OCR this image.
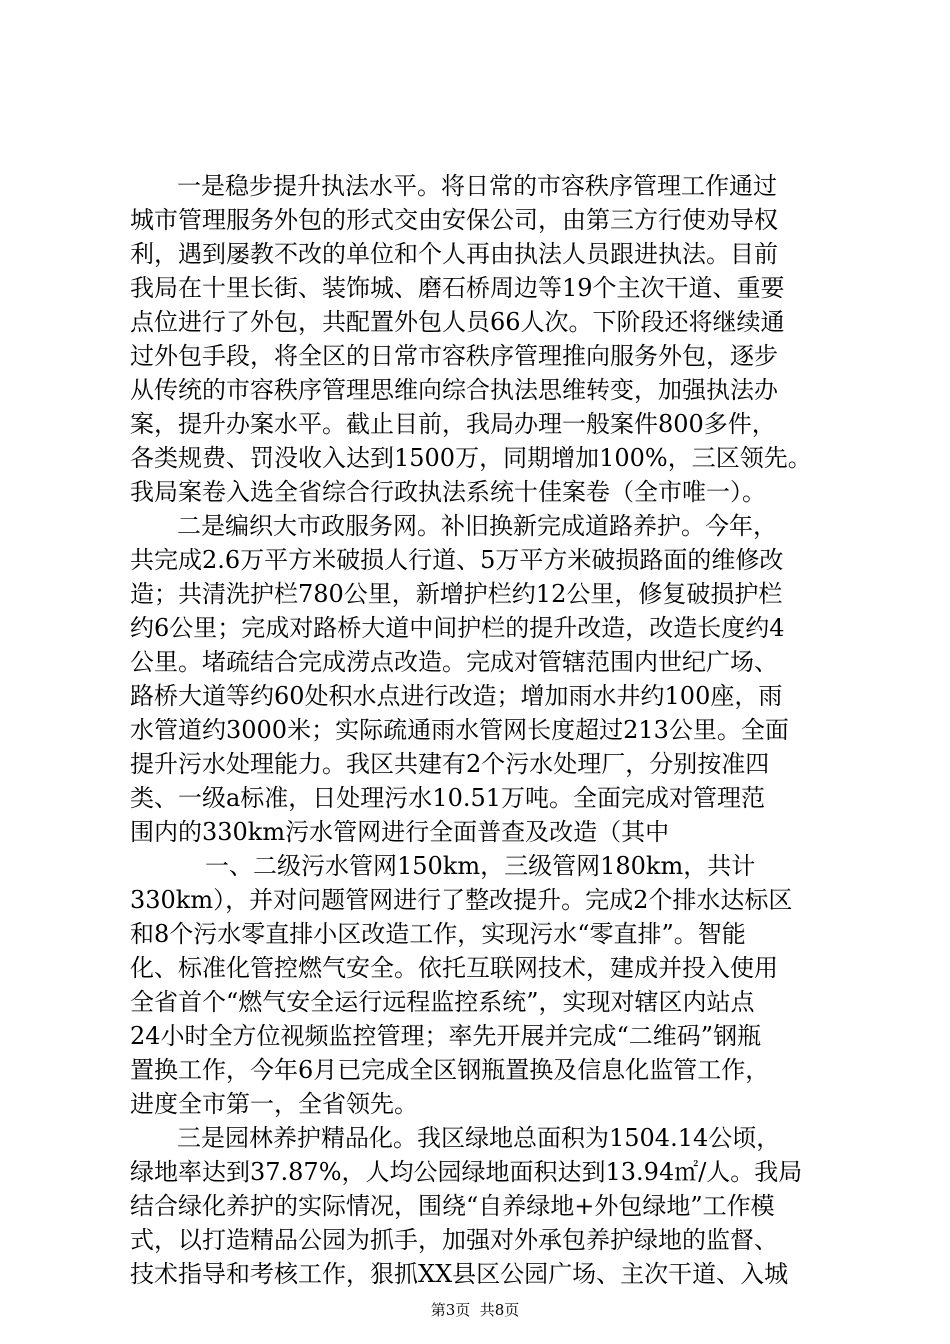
一是稳步提升执法水平。将日常的市容秩序管理工作通过
城市管理服务外包的形式交由安保公司，由第三方行使劝导权
利，遇到屡教不改的单位和个人再由执法人员跟进执法。目前
我局在十里长街、装饰城、磨石桥周边等19个主次干道、重要
点位进行了外包，共配置外包人员66人次。下阶段还将继续通
过外包手段，将全区的日常市容秩序管理推向服务外包，逐步
从传统的市容秩序管理思维向综合执法思维转变，加强执法办
案，提升办案水平。截止目前，我局办理一般案件800多件，
各类规费、罚没收入达到1500万，同期增加100%，三区领先。
我局案卷入选全省综合行政执法系统十佳案卷（全市唯一）。
二是编织大市政服务网。补旧换新完成道路养护。今年，
共完成2.6万平方米破损人行道、5万平方米破损路面的维修改
造；共清洗护栏780公里，新增护栏约12公里，修复破损护栏
约6公里；完成对路桥大道中间护栏的提升改造，改造长度约4
公里。堵疏结合完成涝点改造。完成对管辖范围内世纪广场、
路桥大道等约60处积水点进行改造；增加雨水井约100座，雨
水管道约3000米；实际疏通雨水管网长度超过213公里。全面
提升污水处理能力。我区共建有2个污水处理厂，分别按准四
类、一级a标准，日处理污水10.51万吨。全面完成对管理范
围内的330km污水管网进行全面普查及改造（其中
一、二级污水管网150km，三级管网180km，共计
330km），并对问题管网进行了整改提升。完成2个排水达标区
和8个污水零直排小区改造工作，实现污水“零直排”。智能
化、标准化管控燃气安全。依托互联网技术，建成并投入使用
全省首个“燃气安全运行远程监控系统”，实现对辖区内站点
24小时全方位视频监控管理；率先开展并完成“二维码”钢瓶
置换工作，今年6月已完成全区钢瓶置换及信息化监管工作，
进度全市第一，全省领先。
三是园林养护精品化。我区绿地总面积为1504.14公顷，
绿地率达到37.87%，人均公园绿地面积达到13.94㎡/人。我局
结合绿化养护的实际情况，围绕“自养绿地+外包绿地”工作模
式，以打造精品公园为抓手，加强对外承包养护绿地的监督、
技术指导和考核工作，狠抓XX县区公园广场、主次干道、入城
第3页  共8页
